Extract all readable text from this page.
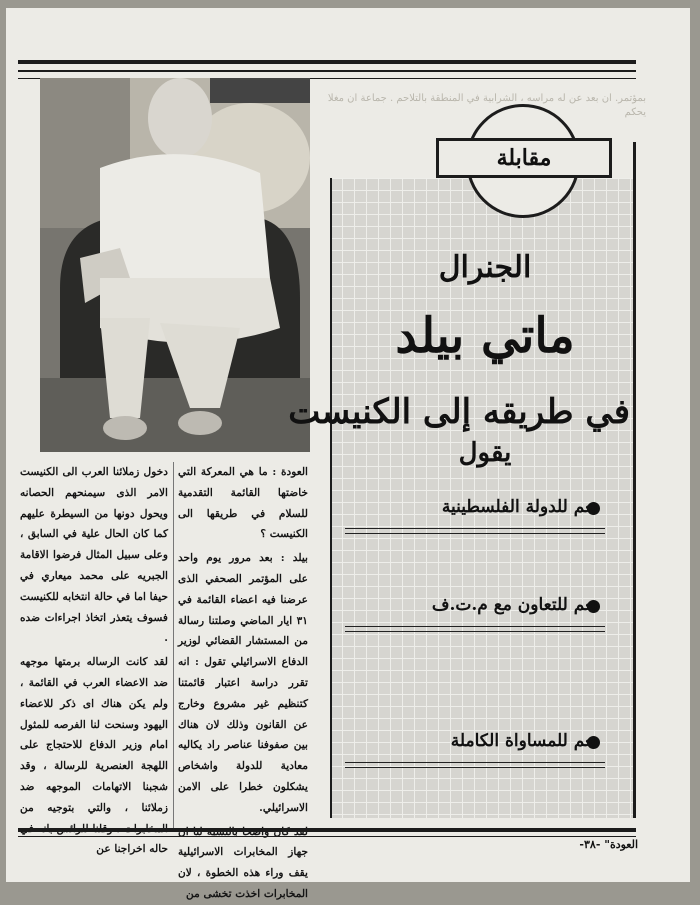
بمؤتمر. ان بعد عن له مراسه ، الشرابية في المنطقة بالتلاحم . جماعة ان مغلا يحكم
مقابلة
الجنرال
ماتي بيلد
في طريقه إلى الكنيست
يقول
نعم للدولة الفلسطينية
نعم للتعاون مع م.ت.ف
نعم للمساواة الكاملة

العودة : ما هي المعركة التي خاضتها القائمة التقدمية للسلام في طريقها الى الكنيست ؟

بيلد : بعد مرور يوم واحد على المؤتمر الصحفي الذى عرضنا فيه اعضاء القائمة في ٣١ ايار الماضي وصلتنا رسالة من المستشار القضائي لوزير الدفاع الاسرائيلي تقول : انه تقرر دراسة اعتبار قائمتنا كتنظيم غير مشروع وخارج عن القانون وذلك لان هناك بين صفوفنا عناصر راد يكاليه معادية للدولة واشخاص يشكلون خطرا على الامن الاسرائيلي.

جهاز المخابرات الاسرائيلية يقف وراء هذه الخطوة ، لان المخابرات اخذت تخشى من

دخول زملائنا العرب الى الكنيست الامر الذى سيمنحهم الحصانه ويحول دونها من السيطرة عليهم كما كان الحال علية في السابق ، وعلى سبيل المثال فرضوا الاقامة الجبريه على محمد ميعاري في حيفا اما في حالة انتخابه للكنيست فسوف يتعذر اتخاذ اجراءات ضده .

لقد كانت الرساله برمتها موجهه ضد الاعضاء العرب في القائمة ، ولم يكن هناك اى ذكر للاعضاء اليهود وسنحت لنا الفرصه للمثول امام وزير الدفاع للاحتجاج على اللهجة العنصرية للرسالة ، وقد شجبنا الاتهامات الموجهه ضد زملائنا ، والتي بتوجيه من حاله اخراجنا عن	العودة" -٣٨-
